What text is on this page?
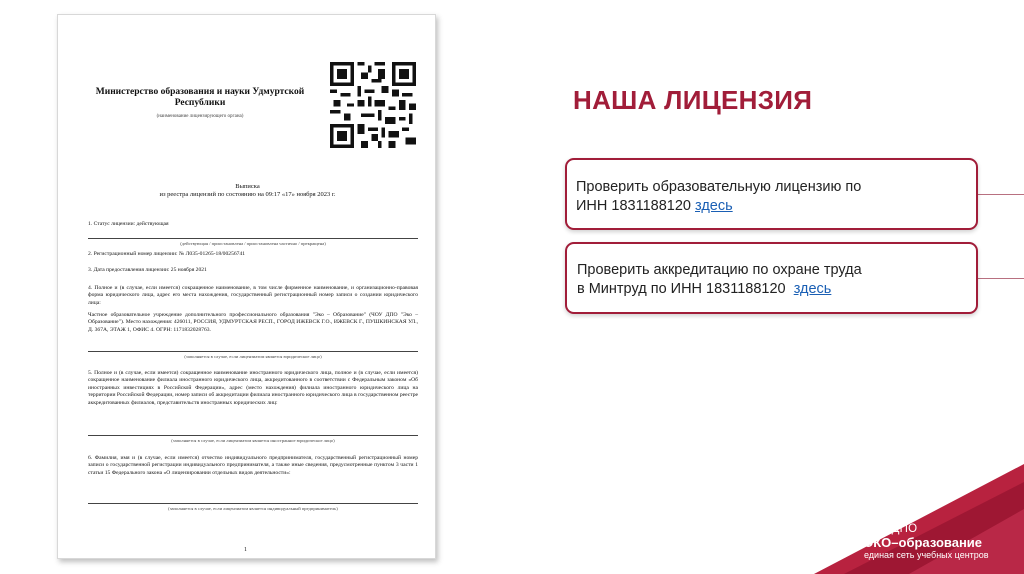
Министерство образования и науки Удмуртской Республики
(наименование лицензирующего органа)
Выписка
из реестра лицензий по состоянию на 09:17 «17» ноября 2023 г.
1. Статус лицензии: действующая
(действующая / приостановлена / приостановлена частично / прекращена)
2. Регистрационный номер лицензии: № Л035-01265-18/00256741
3. Дата предоставления лицензии: 25 ноября 2021
4. Полное и (в случае, если имеется) сокращенное наименование, в том числе фирменное наименование, и организационно-правовая форма юридического лица, адрес его места нахождения, государственный регистрационный номер записи о создании юридического лица:
Частное образовательное учреждение дополнительного профессионального образования "Эко – Образование" (ЧОУ ДПО "Эко – Образование"). Место нахождения: 426011, РОССИЯ, УДМУРТСКАЯ РЕСП., ГОРОД ИЖЕВСК Г.О., ИЖЕВСК Г., ПУШКИНСКАЯ УЛ., Д. 367А, ЭТАЖ 1, ОФИС 4. ОГРН: 1171832028763.
(заполняется в случае, если лицензиатом является юридическое лицо)
5. Полное и (в случае, если имеется) сокращенное наименование иностранного юридического лица, полное и (в случае, если имеется) сокращенное наименование филиала иностранного юридического лица, аккредитованного в соответствии с Федеральным законом «Об иностранных инвестициях в Российской Федерации», адрес (место нахождения) филиала иностранного юридического лица на территории Российской Федерации, номер записи об аккредитации филиала иностранного юридического лица в государственном реестре аккредитованных филиалов, представительств иностранных юридических лиц:
(заполняется в случае, если лицензиатом является иностранное юридическое лицо)
6. Фамилия, имя и (в случае, если имеется) отчество индивидуального предпринимателя, государственный регистрационный номер записи о государственной регистрации индивидуального предпринимателя, а также иные сведения, предусмотренные пунктом 3 части 1 статьи 15 Федерального закона «О лицензировании отдельных видов деятельности»:
(заполняется в случае, если лицензиатом является индивидуальный предприниматель)
1
НАША ЛИЦЕНЗИЯ
Проверить образовательную лицензию по
ИНН 1831188120 здесь
Проверить аккредитацию по охране труда
в Минтруд по ИНН 1831188120 здесь
ЧОУ ДПО
ЭКО–образование
единая сеть учебных центров
